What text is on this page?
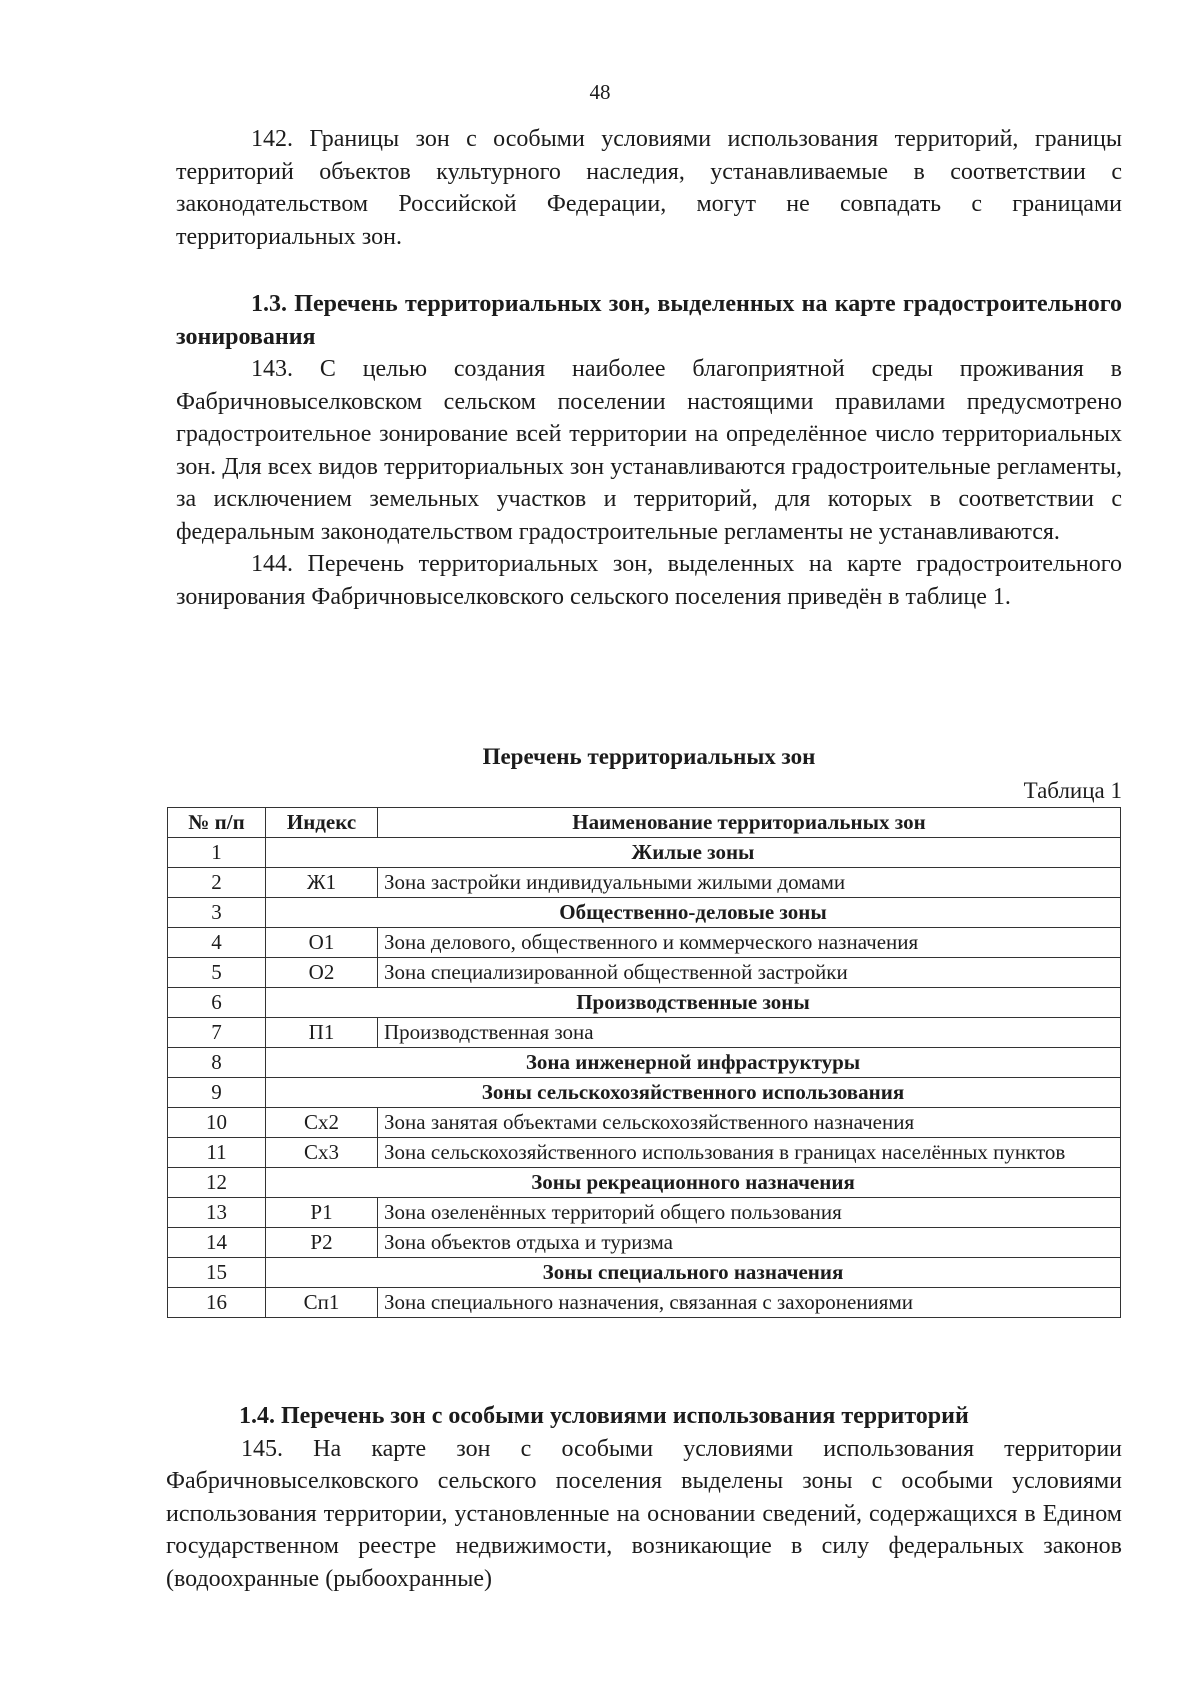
48

142. Границы зон с особыми условиями использования территорий, границы территорий объектов культурного наследия, устанавливаемые в соответствии с законодательством Российской Федерации, могут не совпадать с границами территориальных зон.

1.3. Перечень территориальных зон, выделенных на карте градостроительного зонирования

143. С целью создания наиболее благоприятной среды проживания в Фабричновыселковском сельском поселении настоящими правилами предусмотрено градостроительное зонирование всей территории на определённое число территориальных зон. Для всех видов территориальных зон устанавливаются градостроительные регламенты, за исключением земельных участков и территорий, для которых в соответствии с федеральным законодательством градостроительные регламенты не устанавливаются.

144. Перечень территориальных зон, выделенных на карте градостроительного зонирования Фабричновыселковского сельского поселения приведён в таблице 1.

Перечень территориальных зон
Таблица 1
№ п/п	Индекс	Наименование территориальных зон
1	Жилые зоны	
2	Ж1	Зона застройки индивидуальными жилыми домами
3	Общественно-деловые зоны	
4	О1	Зона делового, общественного и коммерческого назначения
5	О2	Зона специализированной общественной застройки
6	Производственные зоны	
7	П1	Производственная зона
8	Зона инженерной инфраструктуры	
9	Зоны сельскохозяйственного использования	
10	Сх2	Зона занятая объектами сельскохозяйственного назначения
11	Сх3	Зона сельскохозяйственного использования в границах населённых пунктов
12	Зоны рекреационного назначения	
13	Р1	Зона озеленённых территорий общего пользования
14	Р2	Зона объектов отдыха и туризма
15	Зоны специального назначения	
16	Сп1	Зона специального назначения, связанная с захоронениями
1.4. Перечень зон с особыми условиями использования территорий

145. На карте зон с особыми условиями использования территории Фабричновыселковского сельского поселения выделены зоны с особыми условиями использования территории, установленные на основании сведений, содержащихся в Едином государственном реестре недвижимости, возникающие в силу федеральных законов (водоохранные (рыбоохранные)
